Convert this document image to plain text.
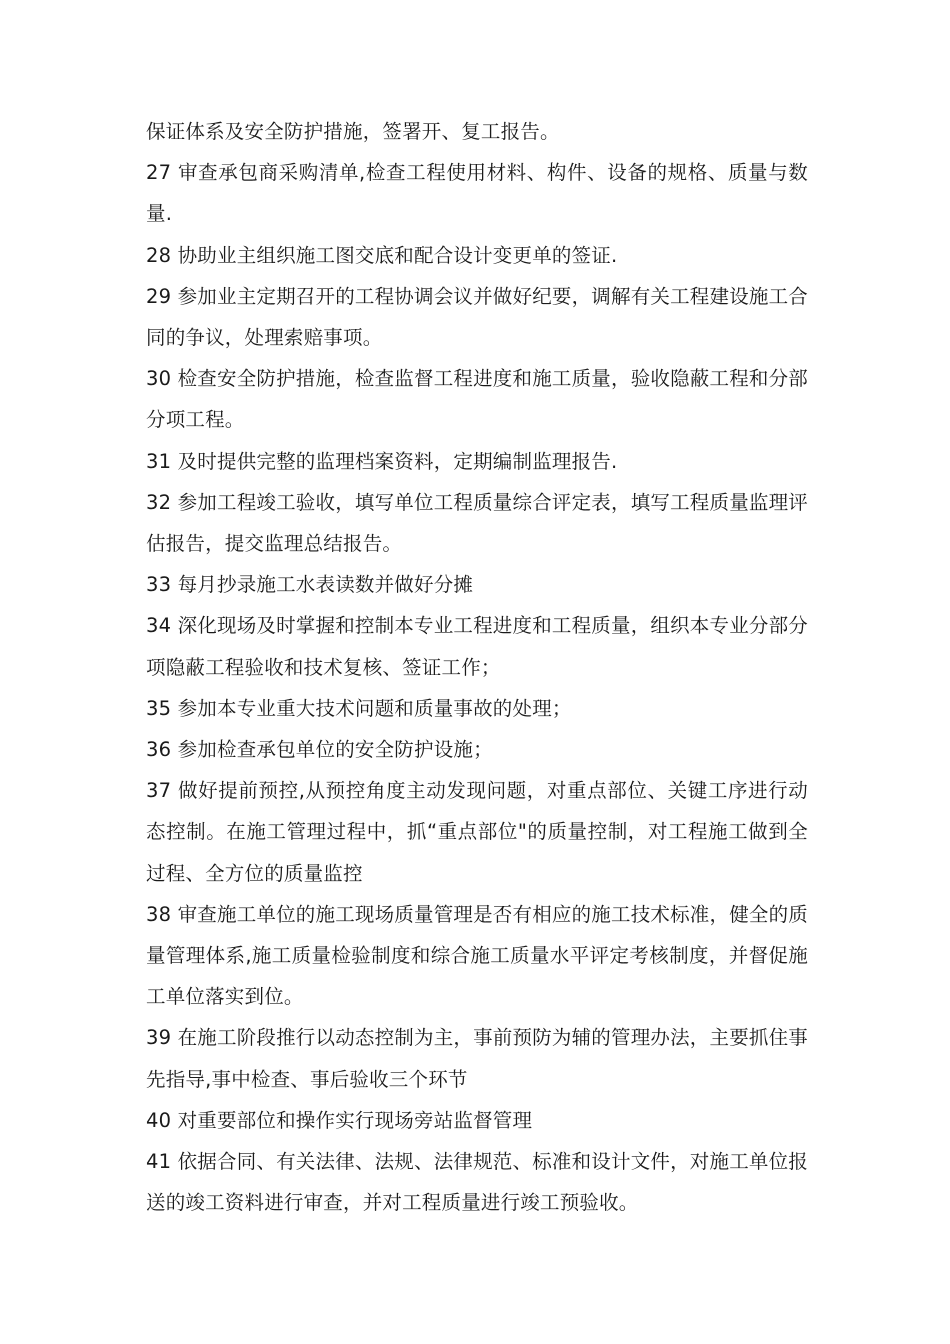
保证体系及安全防护措施，签署开、复工报告。

27 审查承包商采购清单,检查工程使用材料、构件、设备的规格、质量与数量.

28 协助业主组织施工图交底和配合设计变更单的签证.

29 参加业主定期召开的工程协调会议并做好纪要，调解有关工程建设施工合同的争议，处理索赔事项。

30 检查安全防护措施，检查监督工程进度和施工质量，验收隐蔽工程和分部分项工程。

31 及时提供完整的监理档案资料，定期编制监理报告.

32 参加工程竣工验收，填写单位工程质量综合评定表，填写工程质量监理评估报告，提交监理总结报告。

33 每月抄录施工水表读数并做好分摊

34 深化现场及时掌握和控制本专业工程进度和工程质量，组织本专业分部分项隐蔽工程验收和技术复核、签证工作；

35 参加本专业重大技术问题和质量事故的处理；

36 参加检查承包单位的安全防护设施；

37 做好提前预控,从预控角度主动发现问题，对重点部位、关键工序进行动态控制。在施工管理过程中，抓“重点部位"的质量控制，对工程施工做到全过程、全方位的质量监控

38 审查施工单位的施工现场质量管理是否有相应的施工技术标准，健全的质量管理体系,施工质量检验制度和综合施工质量水平评定考核制度，并督促施工单位落实到位。

39 在施工阶段推行以动态控制为主，事前预防为辅的管理办法，主要抓住事先指导,事中检查、事后验收三个环节

40 对重要部位和操作实行现场旁站监督管理

41 依据合同、有关法律、法规、法律规范、标准和设计文件，对施工单位报送的竣工资料进行审查，并对工程质量进行竣工预验收。
